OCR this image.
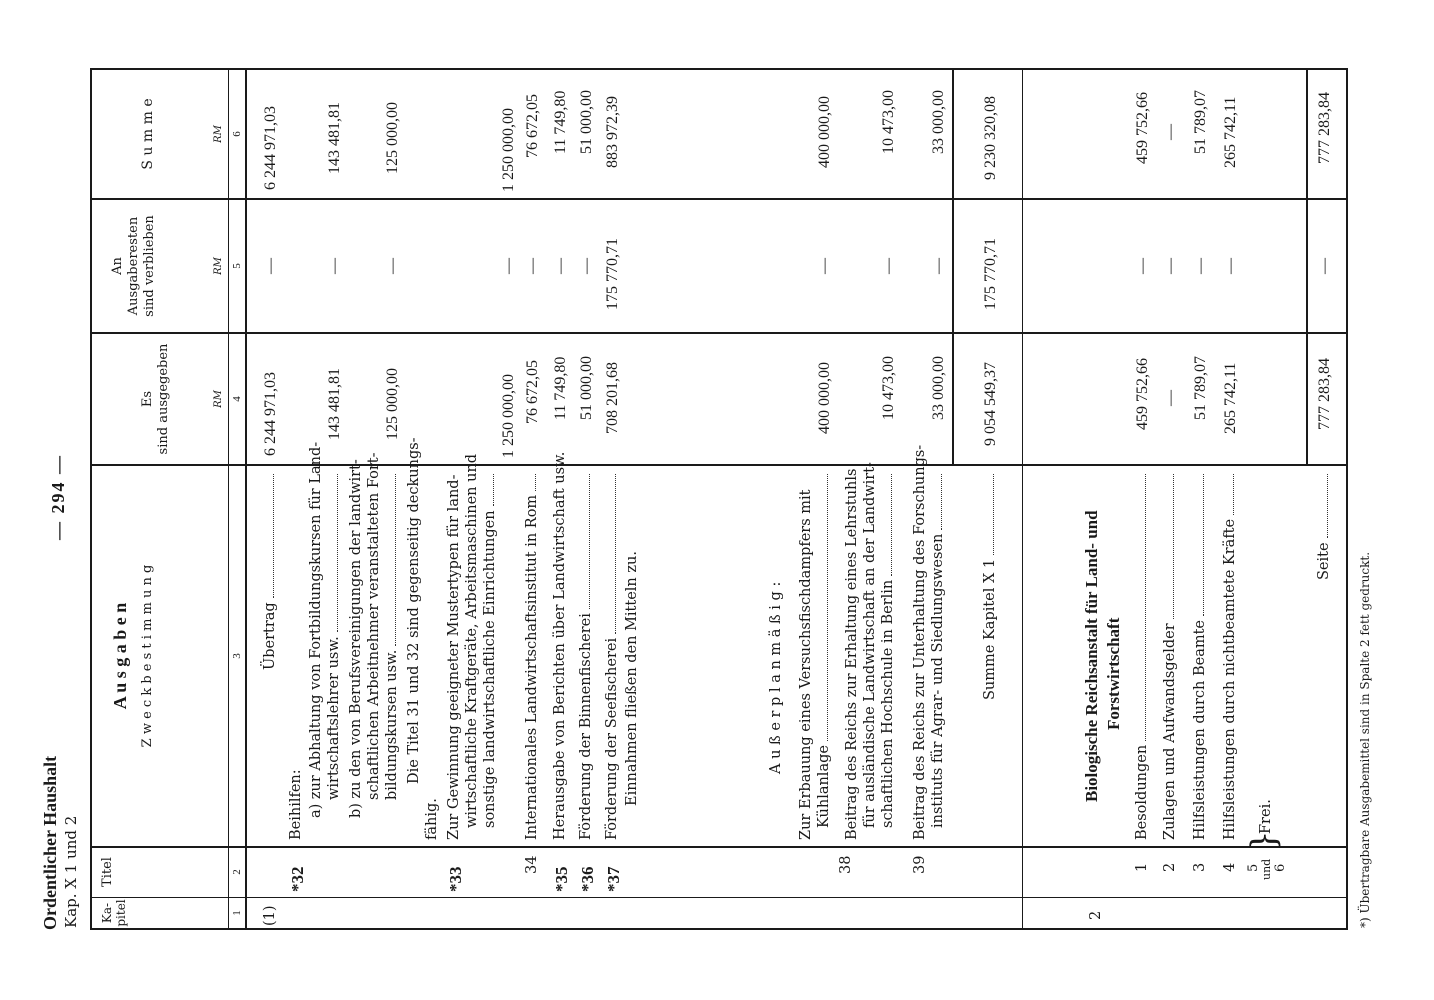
Ordentlicher Haushalt Kap. X 1 und 2
— 294 —
Ka-
pitel
Titel
A u s g a b e n Z w e c k b e s t i m m u n g
Es
sind ausgegeben
An
Ausgaberesten
sind verblieben
S u m m e
RM
RM
RM
1
2
3
4
5
6
(1)
Übertrag
6 244 971,03
—
6 244 971,03
*32
Beihilfen: a) zur Abhaltung von Fortbildungskursen für Land- wirtschaftslehrer usw.
143 481,81
—
143 481,81
b) zu den von Berufsvereinigungen der landwirt- schaftlichen Arbeitnehmer veranstalteten Fort- bildungskursen usw.
125 000,00
—
125 000,00
Die Titel 31 und 32 sind gegenseitig deckungs-
fähig.
*33
Zur Gewinnung geeigneter Mustertypen für land- wirtschaftliche Kraftgeräte, Arbeitsmaschinen und sonstige landwirtschaftliche Einrichtungen
1 250 000,00
—
1 250 000,00
34
Internationales Landwirtschaftsinstitut in Rom
76 672,05
—
76 672,05
*35
Herausgabe von Berichten über Landwirtschaft usw.
11 749,80
—
11 749,80
*36
Förderung der Binnenfischerei
51 000,00
—
51 000,00
*37
Förderung der Seefischerei
708 201,68
175 770,71
883 972,39
Einnahmen fließen den Mitteln zu.	A u ß e r p l a n m ä ß i g :
38
Zur Erbauung eines Versuchsfischdampfers mit Kühlanlage
400 000,00
—
400 000,00
Beitrag des Reichs zur Erhaltung eines Lehrstuhls für ausländische Landwirtschaft an der Landwirt- schaftlichen Hochschule in Berlin
10 473,00
—
10 473,00
39
Beitrag des Reichs zur Unterhaltung des Forschungs- instituts für Agrar- und Siedlungswesen
33 000,00
—
33 000,00
Summe Kapitel X 1
9 054 549,37
175 770,71
9 230 320,08
2
Biologische Reichsanstalt für Land- und Forstwirtschaft
1
Besoldungen
459 752,66
—
459 752,66
2
Zulagen und Aufwandsgelder
—
—
—
3
Hilfsleistungen durch Beamte
51 789,07
—
51 789,07
4
Hilfsleistungen durch nichtbeamtete Kräfte
265 742,11
—
265 742,11
5 und 6
}
Frei.
Seite
777 283,84
—
777 283,84
*) Übertragbare Ausgabemittel sind in Spalte 2 fett gedruckt.
